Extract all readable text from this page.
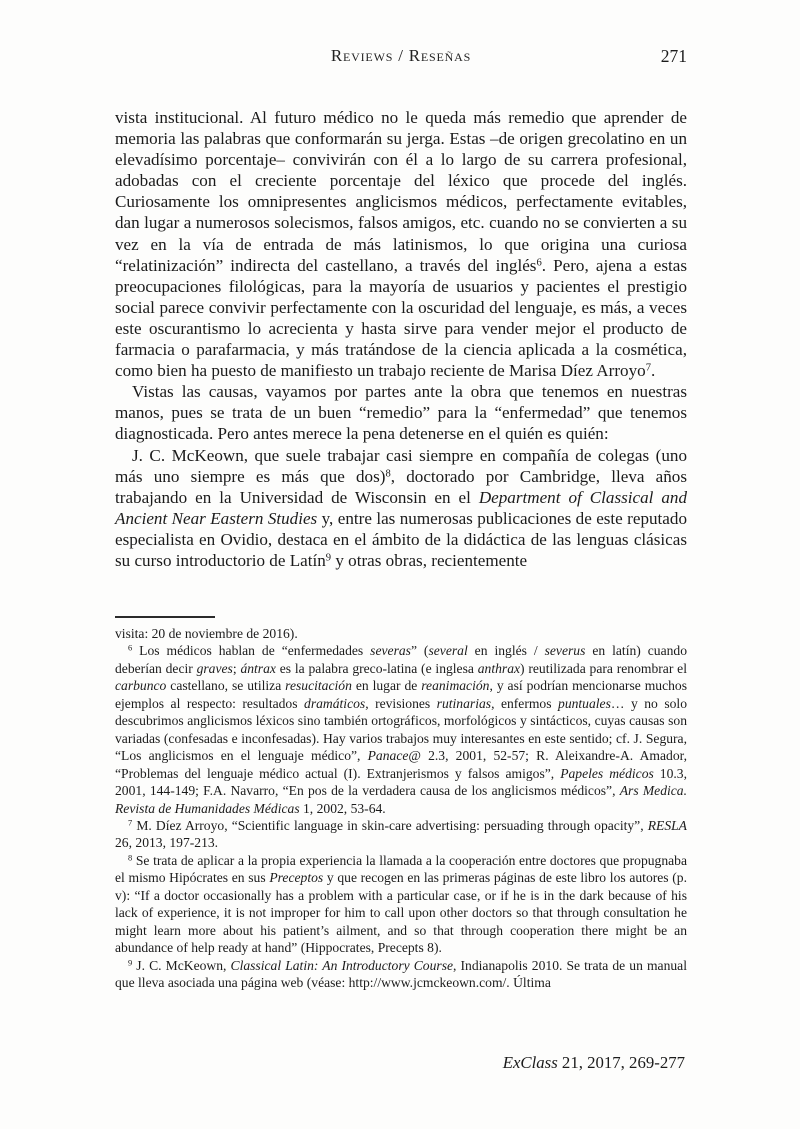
Reviews / Reseñas	271

vista institucional. Al futuro médico no le queda más remedio que aprender de memoria las palabras que conformarán su jerga. Estas –de origen grecolatino en un elevadísimo porcentaje– convivirán con él a lo largo de su carrera profesional, adobadas con el creciente porcentaje del léxico que procede del inglés. Curiosamente los omnipresentes anglicismos médicos, perfectamente evitables, dan lugar a numerosos solecismos, falsos amigos, etc. cuando no se convierten a su vez en la vía de entrada de más latinismos, lo que origina una curiosa “relatinización” indirecta del castellano, a través del inglés$^6$. Pero, ajena a estas preocupaciones filológicas, para la mayoría de usuarios y pacientes el prestigio social parece convivir perfectamente con la oscuridad del lenguaje, es más, a veces este oscurantismo lo acrecienta y hasta sirve para vender mejor el producto de farmacia o parafarmacia, y más tratándose de la ciencia aplicada a la cosmética, como bien ha puesto de manifiesto un trabajo reciente de Marisa Díez Arroyo$^7$.

Vistas las causas, vayamos por partes ante la obra que tenemos en nuestras manos, pues se trata de un buen “remedio” para la “enfermedad” que tenemos diagnosticada. Pero antes merece la pena detenerse en el quién es quién:

J. C. McKeown, que suele trabajar casi siempre en compañía de colegas (uno más uno siempre es más que dos)$^8$, doctorado por Cambridge, lleva años trabajando en la Universidad de Wisconsin en el Department of Classical and Ancient Near Eastern Studies y, entre las numerosas publicaciones de este reputado especialista en Ovidio, destaca en el ámbito de la didáctica de las lenguas clásicas su curso introductorio de Latín$^9$ y otras obras, recientemente

visita: 20 de noviembre de 2016).

$^6$ Los médicos hablan de “enfermedades severas” (several en inglés / severus en latín) cuando deberían decir graves; ántrax es la palabra greco-latina (e inglesa anthrax) reutilizada para renombrar el carbunco castellano, se utiliza resucitación en lugar de reanimación, y así podrían mencionarse muchos ejemplos al respecto: resultados dramáticos, revisiones rutinarias, enfermos puntuales… y no solo descubrimos anglicismos léxicos sino también ortográficos, morfológicos y sintácticos, cuyas causas son variadas (confesadas e inconfesadas). Hay varios trabajos muy interesantes en este sentido; cf. J. Segura, “Los anglicismos en el lenguaje médico”, Panace@ 2.3, 2001, 52-57; R. Aleixandre-A. Amador, “Problemas del lenguaje médico actual (I). Extranjerismos y falsos amigos”, Papeles médicos 10.3, 2001, 144-149; F.A. Navarro, “En pos de la verdadera causa de los anglicismos médicos”, Ars Medica. Revista de Humanidades Médicas 1, 2002, 53-64.

$^7$ M. Díez Arroyo, “Scientific language in skin-care advertising: persuading through opacity”, RESLA 26, 2013, 197-213.

$^8$ Se trata de aplicar a la propia experiencia la llamada a la cooperación entre doctores que propugnaba el mismo Hipócrates en sus Preceptos y que recogen en las primeras páginas de este libro los autores (p. v): “If a doctor occasionally has a problem with a particular case, or if he is in the dark because of his lack of experience, it is not improper for him to call upon other doctors so that through consultation he might learn more about his patient’s ailment, and so that through cooperation there might be an abundance of help ready at hand” (Hippocrates, Precepts 8).

$^9$ J. C. McKeown, Classical Latin: An Introductory Course, Indianapolis 2010. Se trata de un manual que lleva asociada una página web (véase: http://www.jcmckeown.com/. Última

ExClass 21, 2017, 269-277
